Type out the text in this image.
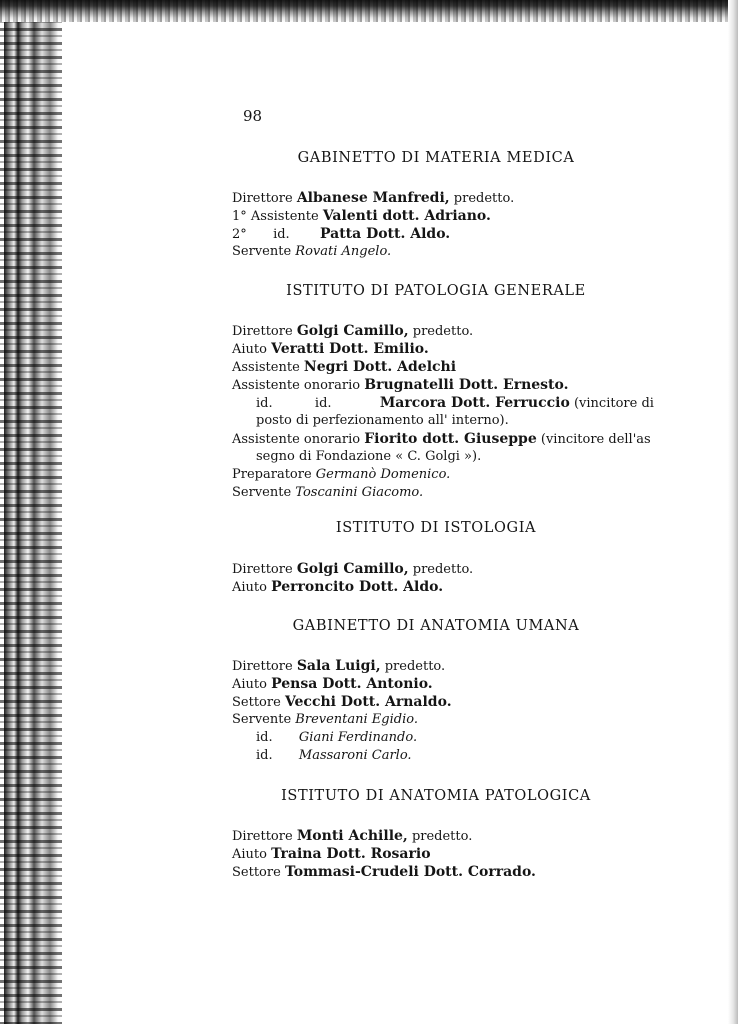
98
GABINETTO DI MATERIA MEDICA
Direttore Albanese Manfredi, predetto.
1° Assistente Valenti dott. Adriano.
2° id. Patta Dott. Aldo.
Servente Rovati Angelo.
ISTITUTO DI PATOLOGIA GENERALE
Direttore Golgi Camillo, predetto.
Aiuto Veratti Dott. Emilio.
Assistente Negri Dott. Adelchi
Assistente onorario Brugnatelli Dott. Ernesto.
id.	id.	Marcora Dott. Ferruccio (vincitore di
posto di perfezionamento all' interno).
Assistente onorario Fiorito dott. Giuseppe (vincitore dell'as
segno di Fondazione « C. Golgi »).
Preparatore Germanò Domenico.
Servente Toscanini Giacomo.
ISTITUTO DI ISTOLOGIA
Direttore Golgi Camillo, predetto.
Aiuto Perroncito Dott. Aldo.
GABINETTO DI ANATOMIA UMANA
Direttore Sala Luigi, predetto.
Aiuto Pensa Dott. Antonio.
Settore Vecchi Dott. Arnaldo.
Servente Breventani Egidio.
id. Giani Ferdinando.
id. Massaroni Carlo.
ISTITUTO DI ANATOMIA PATOLOGICA
Direttore Monti Achille, predetto.
Aiuto Traina Dott. Rosario
Settore Tommasi-Crudeli Dott. Corrado.
